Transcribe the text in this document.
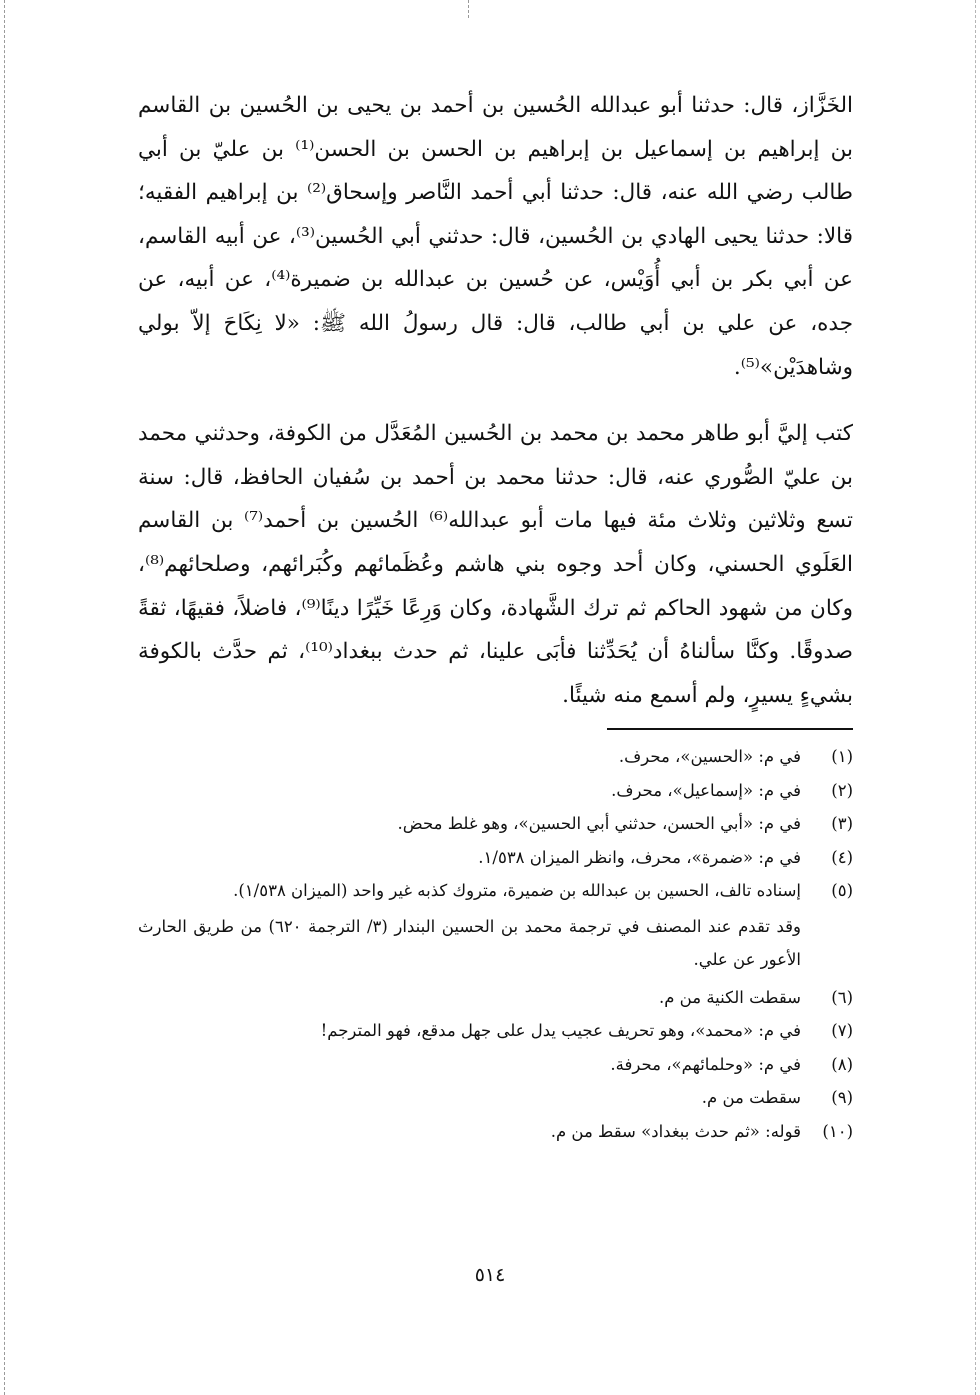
الخَزَّاز، قال: حدثنا أبو عبدالله الحُسين بن أحمد بن يحيى بن الحُسين بن القاسم بن إبراهيم بن إسماعيل بن إبراهيم بن الحسن بن الحسن⁽¹⁾ بن عليّ بن أبي طالب رضي الله عنه، قال: حدثنا أبي أحمد النَّاصر وإسحاق⁽²⁾ بن إبراهيم الفقيه؛ قالا: حدثنا يحيى الهادي بن الحُسين، قال: حدثني أبي الحُسين⁽³⁾، عن أبيه القاسم، عن أبي بكر بن أبي أُوَيْس، عن حُسين بن عبدالله بن ضميرة⁽⁴⁾، عن أبيه، عن جده، عن علي بن أبي طالب، قال: قال رسولُ الله ﷺ: «لا نِكَاحَ إلاّ بولي وشاهدَيْن»⁽⁵⁾.

كتب إليَّ أبو طاهر محمد بن محمد بن الحُسين المُعَدَّل من الكوفة، وحدثني محمد بن عليّ الصُّوري عنه، قال: حدثنا محمد بن أحمد بن سُفيان الحافظ، قال: سنة تسع وثلاثين وثلاث مئة فيها مات أبو عبدالله⁽⁶⁾ الحُسين بن أحمد⁽⁷⁾ بن القاسم العَلَوي الحسني، وكان أحد وجوه بني هاشم وعُظَمائهم وكُبَرائهم، وصلحائهم⁽⁸⁾، وكان من شهود الحاكم ثم ترك الشَّهادة، وكان وَرِعًا خَيِّرًا دينًا⁽⁹⁾، فاضلاً، فقيهًا، ثقةً صدوقًا. وكنَّا سألناهُ أن يُحَدِّثنا فأبَى علينا، ثم حدث ببغداد⁽¹⁰⁾، ثم حدَّث بالكوفة بشيءٍ يسيرٍ، ولم أسمع منه شيئًا.

(١)
في م: «الحسين»، محرف.
(٢)
في م: «إسماعيل»، محرف.
(٣)
في م: «أبي الحسن، حدثني أبي الحسين»، وهو غلط محض.
(٤)
في م: «ضمرة»، محرف، وانظر الميزان ١/٥٣٨.
(٥)
إسناده تالف، الحسين بن عبدالله بن ضميرة، متروك كذبه غير واحد (الميزان ١/٥٣٨).
وقد تقدم عند المصنف في ترجمة محمد بن الحسين البندار (٣/ الترجمة ٦٢٠) من طريق الحارث الأعور عن علي.
(٦)
سقطت الكنية من م.
(٧)
في م: «محمد»، وهو تحريف عجيب يدل على جهل مدقع، فهو المترجم!
(٨)
في م: «وحلمائهم»، محرفة.
(٩)
سقطت من م.
(١٠)
قوله: «ثم حدث ببغداد» سقط من م.
٥١٤
